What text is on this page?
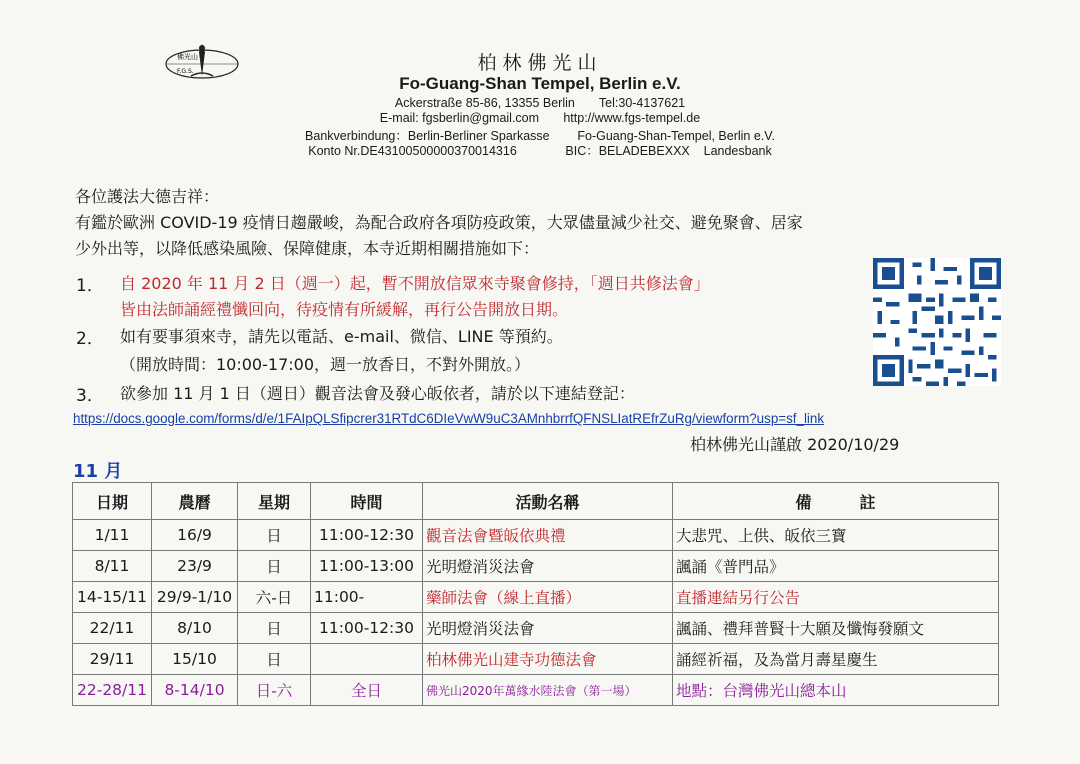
佛光山
F.G.S.	柏林佛光山
Fo-Guang-Shan Tempel, Berlin e.V.
Ackerstraße 85-86, 13355 Berlin       Tel:30-4137621
E-mail: fgsberlin@gmail.com       http://www.fgs-tempel.de
Bankverbindung：Berlin-Berliner Sparkasse        Fo-Guang-Shan-Tempel, Berlin e.V.
Konto Nr.DE43100500000370014316              BIC：BELADEBEXXX    Landesbank
各位護法大德吉祥：
有鑑於歐洲 COVID-19 疫情日趨嚴峻，為配合政府各項防疫政策，大眾儘量減少社交、避免聚會、居家
少外出等，以降低感染風險、保障健康，本寺近期相關措施如下：
1． 自 2020 年 11 月 2 日（週一）起，暫不開放信眾來寺聚會修持，「週日共修法會」
皆由法師誦經禮懺回向，待疫情有所緩解，再行公告開放日期。
2． 如有要事須來寺，請先以電話、e-mail、微信、LINE 等預約。
（開放時間：10:00-17:00，週一放香日，不對外開放。）
3． 欲參加 11 月 1 日（週日）觀音法會及發心皈依者，請於以下連結登記：
https://docs.google.com/forms/d/e/1FAIpQLSfipcrer31RTdC6DIeVwW9uC3AMnhbrrfQFNSLIatREfrZuRg/viewform?usp=sf_link
柏林佛光山謹啟 2020/10/29
11 月
日期	農曆	星期	時間	活動名稱	備　　　註
1/11	16/9	日	11:00-12:30	觀音法會暨皈依典禮	大悲咒、上供、皈依三寶
8/11	23/9	日	11:00-13:00	光明燈消災法會	諷誦《普門品》
14-15/11	29/9-1/10	六-日	11:00-	藥師法會（線上直播）	直播連結另行公告
22/11	8/10	日	11:00-12:30	光明燈消災法會	諷誦、禮拜普賢十大願及懺悔發願文
29/11	15/10	日		柏林佛光山建寺功德法會	誦經祈福，及為當月壽星慶生
22-28/11	8-14/10	日-六	全日	佛光山2020年萬緣水陸法會（第一場）	地點：台灣佛光山總本山
